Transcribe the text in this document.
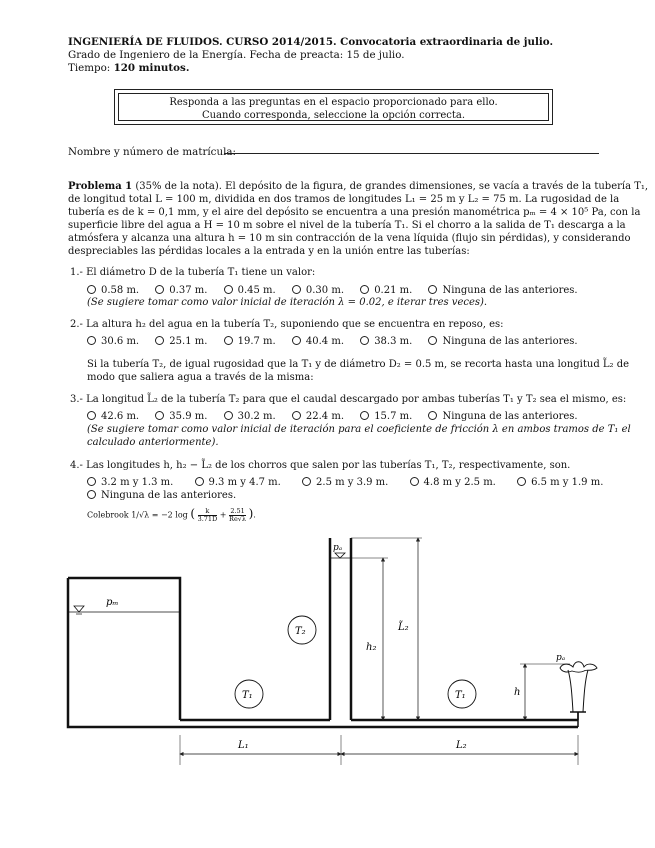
INGENIERÍA DE FLUIDOS. CURSO 2014/2015. Convocatoria extraordinaria de julio.
Grado de Ingeniero de la Energía. Fecha de preacta: 15 de julio.
Tiempo: 120 minutos.
Responda a las preguntas en el espacio proporcionado para ello.
Cuando corresponda, seleccione la opción correcta.
Nombre y número de matrícula:
Problema 1 (35% de la nota). El depósito de la figura, de grandes dimensiones, se vacía a través de la tubería T₁,
de longitud total L = 100 m, dividida en dos tramos de longitudes L₁ = 25 m y L₂ = 75 m. La rugosidad de la
tubería es de k = 0,1 mm, y el aire del depósito se encuentra a una presión manométrica pₘ = 4 × 10⁵ Pa, con la
superficie libre del agua a H = 10 m sobre el nivel de la tubería T₁. Si el chorro a la salida de T₁ descarga a la
atmósfera y alcanza una altura h = 10 m sin contracción de la vena líquida (flujo sin pérdidas), y considerando
despreciables las pérdidas locales a la entrada y en la unión entre las tuberías:
1.- El diámetro D de la tubería T₁ tiene un valor:
0.58 m.	0.37 m.	0.45 m.	0.30 m.	0.21 m.	Ninguna de las anteriores.
(Se sugiere tomar como valor inicial de iteración λ = 0.02, e iterar tres veces).
2.- La altura h₂ del agua en la tubería T₂, suponiendo que se encuentra en reposo, es:
30.6 m.	25.1 m.	19.7 m.	40.4 m.	38.3 m.	Ninguna de las anteriores.
Si la tubería T₂, de igual rugosidad que la T₁ y de diámetro D₂ = 0.5 m, se recorta hasta una longitud L̃₂ de
modo que saliera agua a través de la misma:
3.- La longitud L̃₂ de la tubería T₂ para que el caudal descargado por ambas tuberías T₁ y T₂ sea el mismo, es:
42.6 m.	35.9 m.	30.2 m.	22.4 m.	15.7 m.	Ninguna de las anteriores.
(Se sugiere tomar como valor inicial de iteración para el coeficiente de fricción λ en ambos tramos de T₁ el
calculado anteriormente).
4.- Las longitudes h, h₂ − L̃₂ de los chorros que salen por las tuberías T₁, T₂, respectivamente, son.
3.2 m y 1.3 m.	9.3 m y 4.7 m.	2.5 m y 3.9 m.	4.8 m y 2.5 m.	6.5 m y 1.9 m.
Ninguna de las anteriores.
Colebrook 1/√λ = −2 log ( $\frac{k}{3.71D} + \frac{2.51}{Re√\lambda}$ ).
pₘ
pₐ
pₐ
T₂
T₁	T₁
h₂
L̃₂
h
L₁	L₂
